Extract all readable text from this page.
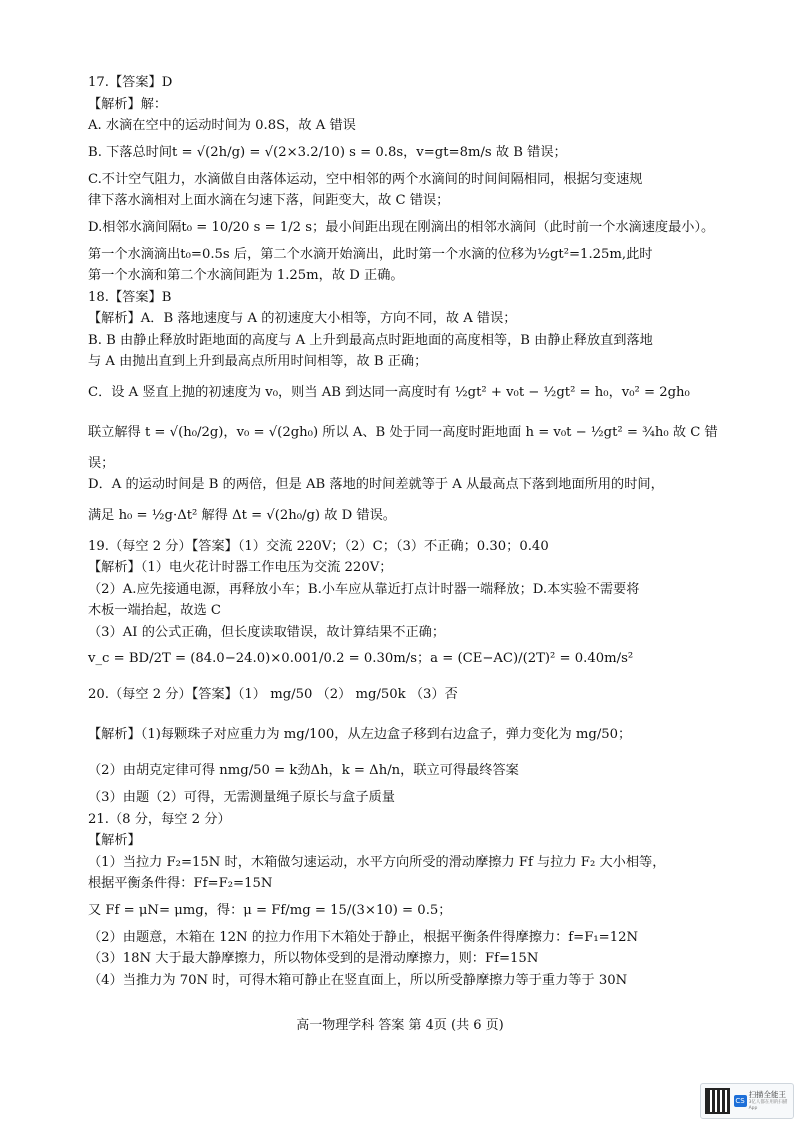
17.【答案】D
【解析】解：
A. 水滴在空中的运动时间为 0.8S，故 A 错误
B. 下落总时间t = √(2h/g) = √(2×3.2/10) s = 0.8s，v=gt=8m/s 故 B 错误；
C.不计空气阻力，水滴做自由落体运动，空中相邻的两个水滴间的时间间隔相同，根据匀变速规
律下落水滴相对上面水滴在匀速下落，间距变大，故 C 错误；
D.相邻水滴间隔t₀ = 10/20 s = 1/2 s；最小间距出现在刚滴出的相邻水滴间（此时前一个水滴速度最小）。
第一个水滴滴出t₀=0.5s 后，第二个水滴开始滴出，此时第一个水滴的位移为½gt²=1.25m,此时
第一个水滴和第二个水滴间距为 1.25m，故 D 正确。
18.【答案】B
【解析】A．B 落地速度与 A 的初速度大小相等，方向不同，故 A 错误；
B. B 由静止释放时距地面的高度与 A 上升到最高点时距地面的高度相等，B 由静止释放直到落地
与 A 由抛出直到上升到最高点所用时间相等，故 B 正确；
C．设 A 竖直上抛的初速度为 v₀，则当 AB 到达同一高度时有 ½gt² + v₀t − ½gt² = h₀，v₀² = 2gh₀
联立解得 t = √(h₀/2g)，v₀ = √(2gh₀) 所以 A、B 处于同一高度时距地面 h = v₀t − ½gt² = ¾h₀ 故 C 错
误；
D．A 的运动时间是 B 的两倍，但是 AB 落地的时间差就等于 A 从最高点下落到地面所用的时间，
满足 h₀ = ½g·Δt² 解得 Δt = √(2h₀/g) 故 D 错误。
19.（每空 2 分）【答案】（1）交流 220V；（2）C；（3）不正确；0.30；0.40
【解析】（1）电火花计时器工作电压为交流 220V；
（2）A.应先接通电源，再释放小车；B.小车应从靠近打点计时器一端释放；D.本实验不需要将
木板一端抬起，故选 C
（3）AI 的公式正确，但长度读取错误，故计算结果不正确；
v_c = BD/2T = (84.0−24.0)×0.001/0.2 = 0.30m/s；a = (CE−AC)/(2T)² = 0.40m/s²
20.（每空 2 分）【答案】（1） mg/50 （2） mg/50k （3）否
【解析】（1)每颗珠子对应重力为 mg/100，从左边盒子移到右边盒子，弹力变化为 mg/50；
（2）由胡克定律可得 nmg/50 = k劲Δh，k = Δh/n，联立可得最终答案
（3）由题（2）可得，无需测量绳子原长与盒子质量
21.（8 分，每空 2 分）
【解析】
（1）当拉力 F₂=15N 时，木箱做匀速运动，水平方向所受的滑动摩擦力 Ff 与拉力 F₂ 大小相等，
根据平衡条件得：Ff=F₂=15N
又 Ff = μN= μmg，得：μ = Ff/mg = 15/(3×10) = 0.5；
（2）由题意，木箱在 12N 的拉力作用下木箱处于静止，根据平衡条件得摩擦力：f=F₁=12N
（3）18N 大于最大静摩擦力，所以物体受到的是滑动摩擦力，则：Ff=15N
（4）当推力为 70N 时，可得木箱可静止在竖直面上，所以所受静摩擦力等于重力等于 30N
高一物理学科 答案 第 4页 (共 6 页)
CS
扫描全能王
3亿人都在用的扫描App
